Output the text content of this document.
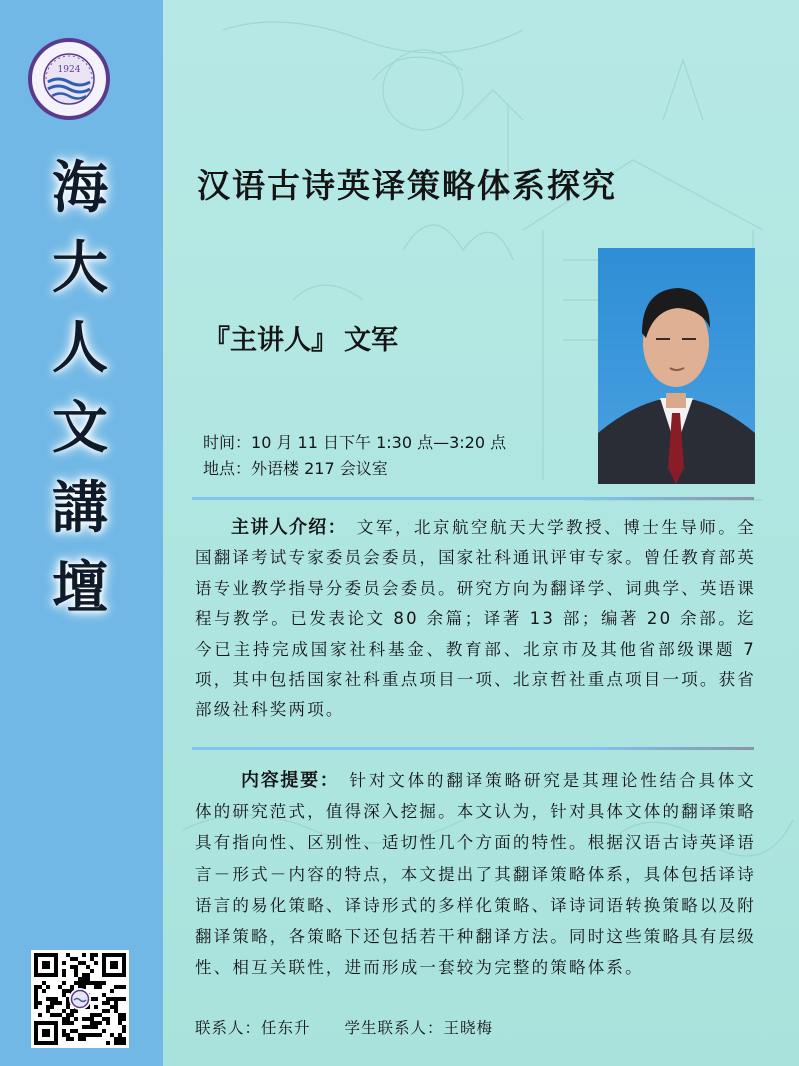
1924
海
大
人
文
講
壇
汉语古诗英译策略体系探究
『主讲人』 文军
时间：10 月 11 日下午 1:30 点—3:20 点
地点：外语楼 217 会议室
主讲人介绍： 文军，北京航空航天大学教授、博士生导师。全国翻译考试专家委员会委员，国家社科通讯评审专家。曾任教育部英语专业教学指导分委员会委员。研究方向为翻译学、词典学、英语课程与教学。已发表论文 80 余篇；译著 13 部；编著 20 余部。迄今已主持完成国家社科基金、教育部、北京市及其他省部级课题 7 项，其中包括国家社科重点项目一项、北京哲社重点项目一项。获省部级社科奖两项。
内容提要： 针对文体的翻译策略研究是其理论性结合具体文体的研究范式，值得深入挖掘。本文认为，针对具体文体的翻译策略具有指向性、区别性、适切性几个方面的特性。根据汉语古诗英译语言－形式－内容的特点，本文提出了其翻译策略体系，具体包括译诗语言的易化策略、译诗形式的多样化策略、译诗词语转换策略以及附翻译策略，各策略下还包括若干种翻译方法。同时这些策略具有层级性、相互关联性，进而形成一套较为完整的策略体系。
联系人：任东升 学生联系人：王晓梅
